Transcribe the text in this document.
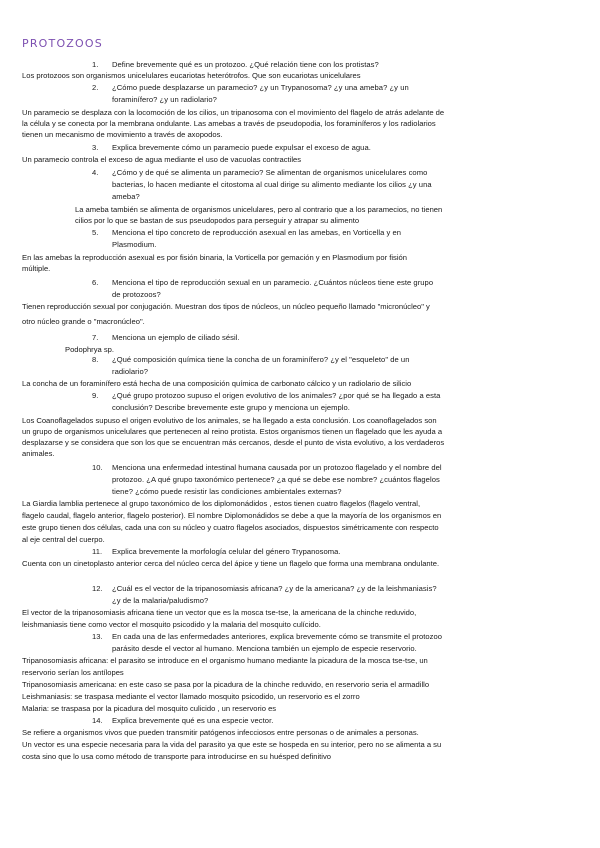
PROTOZOOS
1. Define brevemente qué es un protozoo. ¿Qué relación tiene con los protistas?
Los protozoos son organismos unicelulares eucariotas heterótrofos. Que son eucariotas unicelulares
2. ¿Cómo puede desplazarse un paramecio? ¿y un Trypanosoma? ¿y una ameba? ¿y un
foraminífero? ¿y un radiolario?
Un paramecio se desplaza con la locomoción de los cilios, un tripanosoma con el movimiento del flagelo de atrás adelante de
la célula y se conecta por la membrana ondulante. Las amebas a través de pseudopodia, los foraminíferos y los radiolarios
tienen un mecanismo de movimiento a través de axopodos.
3. Explica brevemente cómo un paramecio puede expulsar el exceso de agua.
Un paramecio controla el exceso de agua mediante el uso de vacuolas contractiles
4. ¿Cómo y de qué se alimenta un paramecio? Se alimentan de organismos unicelulares como
bacterias, lo hacen mediante el citostoma al cual dirige su alimento mediante los cilios ¿y una
ameba?
La ameba también se alimenta de organismos unicelulares, pero al contrario que a los paramecios, no tienen
cilios por lo que se bastan de sus pseudopodos para perseguir y atrapar su alimento
5. Menciona el tipo concreto de reproducción asexual en las amebas, en Vorticella y en
Plasmodium.
En las amebas la reproducción asexual es por fisión binaria, la Vorticella por gemación y en Plasmodium por fisión
múltiple.
6. Menciona el tipo de reproducción sexual en un paramecio. ¿Cuántos núcleos tiene este grupo
de protozoos?
Tienen reproducción sexual por conjugación. Muestran dos tipos de núcleos, un núcleo pequeño llamado "micronúcleo" y
otro núcleo grande o "macronúcleo".
7. Menciona un ejemplo de ciliado sésil.
Podophrya sp.
8. ¿Qué composición química tiene la concha de un foraminífero? ¿y el "esqueleto" de un
radiolario?
La concha de un foraminífero está hecha de una composición química de carbonato cálcico y un radiolario de silicio
9. ¿Qué grupo protozoo supuso el origen evolutivo de los animales? ¿por qué se ha llegado a esta
conclusión? Describe brevemente este grupo y menciona un ejemplo.
Los Coanoflagelados supuso el origen evolutivo de los animales, se ha llegado a esta conclusión. Los coanoflagelados son
un grupo de organismos unicelulares que pertenecen al reino protista. Estos organismos tienen un flagelado que les ayuda a
desplazarse y se considera que son los que se encuentran más cercanos, desde el punto de vista evolutivo, a los verdaderos
animales.
10. Menciona una enfermedad intestinal humana causada por un protozoo flagelado y el nombre del
protozoo. ¿A qué grupo taxonómico pertenece? ¿a qué se debe ese nombre? ¿cuántos flagelos
tiene? ¿cómo puede resistir las condiciones ambientales externas?
La Giardia lamblia pertenece al grupo taxonómico de los diplomonádidos , estos tienen cuatro flagelos (flagelo ventral,
flagelo caudal, flagelo anterior, flagelo posterior). El nombre Diplomonádidos se debe a que la mayoría de los organismos en
este grupo tienen dos células, cada una con su núcleo y cuatro flagelos asociados, dispuestos simétricamente con respecto
al eje central del cuerpo.
11. Explica brevemente la morfología celular del género Trypanosoma.
Cuenta con un cinetoplasto anterior cerca del núcleo cerca del ápice y tiene un flagelo que forma una membrana ondulante.
12. ¿Cuál es el vector de la tripanosomiasis africana? ¿y de la americana? ¿y de la leishmaniasis?
¿y de la malaria/paludismo?
El vector de la tripanosomiasis africana tiene un vector que es la mosca tse-tse, la americana de la chinche reduvido,
leishmaniasis tiene como vector el mosquito psicodido y la malaria del mosquito culícido.
13. En cada una de las enfermedades anteriores, explica brevemente cómo se transmite el protozoo
parásito desde el vector al humano. Menciona también un ejemplo de especie reservorio.
Tripanosomiasis africana: el parasito se introduce en el organismo humano mediante la picadura de la mosca tse-tse, un
reservorio serían los antílopes
Tripanosomiasis americana: en este caso se pasa por la picadura de la chinche reduvido, en reservorio seria el armadillo
Leishmaniasis: se traspasa mediante el vector llamado mosquito psicodido, un reservorio es el zorro
Malaria: se traspasa por la picadura del mosquito culicido , un reservorio es
14. Explica brevemente qué es una especie vector.
Se refiere a organismos vivos que pueden transmitir patógenos infecciosos entre personas o de animales a personas.
Un vector es una especie necesaria para la vida del parasito ya que este se hospeda en su interior, pero no se alimenta a su
costa sino que lo usa como método de transporte para introducirse en su huésped definitivo
